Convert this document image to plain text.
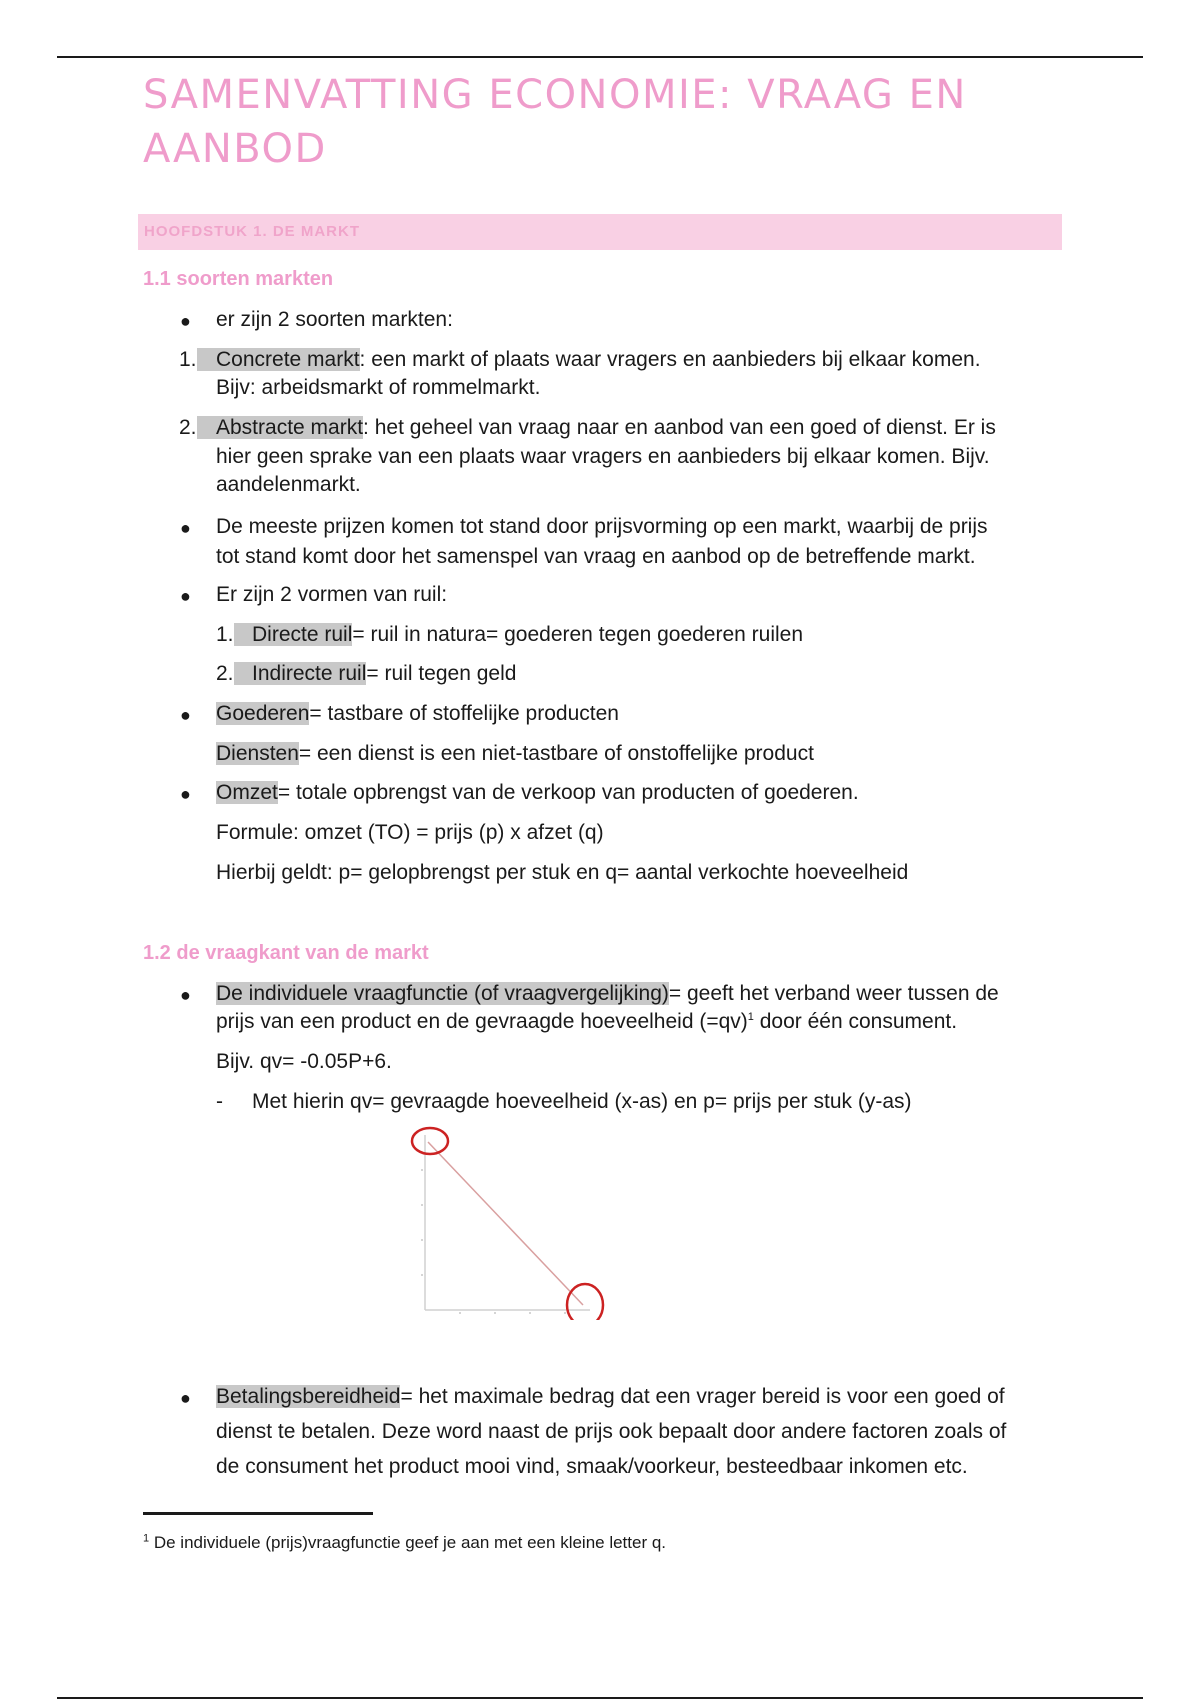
SAMENVATTING ECONOMIE: VRAAG EN
AANBOD
HOOFDSTUK 1. DE MARKT
1.1 soorten markten
● er zijn 2 soorten markten:
1. Concrete markt: een markt of plaats waar vragers en aanbieders bij elkaar komen.
Bijv: arbeidsmarkt of rommelmarkt.
2. Abstracte markt: het geheel van vraag naar en aanbod van een goed of dienst. Er is
hier geen sprake van een plaats waar vragers en aanbieders bij elkaar komen. Bijv.
aandelenmarkt.
● De meeste prijzen komen tot stand door prijsvorming op een markt, waarbij de prijs
tot stand komt door het samenspel van vraag en aanbod op de betreffende markt.
● Er zijn 2 vormen van ruil:
1. Directe ruil= ruil in natura= goederen tegen goederen ruilen
2. Indirecte ruil= ruil tegen geld
● Goederen= tastbare of stoffelijke producten
Diensten= een dienst is een niet-tastbare of onstoffelijke product
● Omzet= totale opbrengst van de verkoop van producten of goederen.
Formule: omzet (TO) = prijs (p) x afzet (q)
Hierbij geldt: p= gelopbrengst per stuk en q= aantal verkochte hoeveelheid
1.2 de vraagkant van de markt
● De individuele vraagfunctie (of vraagvergelijking)= geeft het verband weer tussen de
prijs van een product en de gevraagde hoeveelheid (=qv)$^1$ door één consument.
Bijv. qv= -0.05P+6.
- Met hierin qv= gevraagde hoeveelheid (x-as) en p= prijs per stuk (y-as)
● Betalingsbereidheid= het maximale bedrag dat een vrager bereid is voor een goed of
dienst te betalen. Deze word naast de prijs ook bepaalt door andere factoren zoals of
de consument het product mooi vind, smaak/voorkeur, besteedbaar inkomen etc.
$^1$ De individuele (prijs)vraagfunctie geef je aan met een kleine letter q.
